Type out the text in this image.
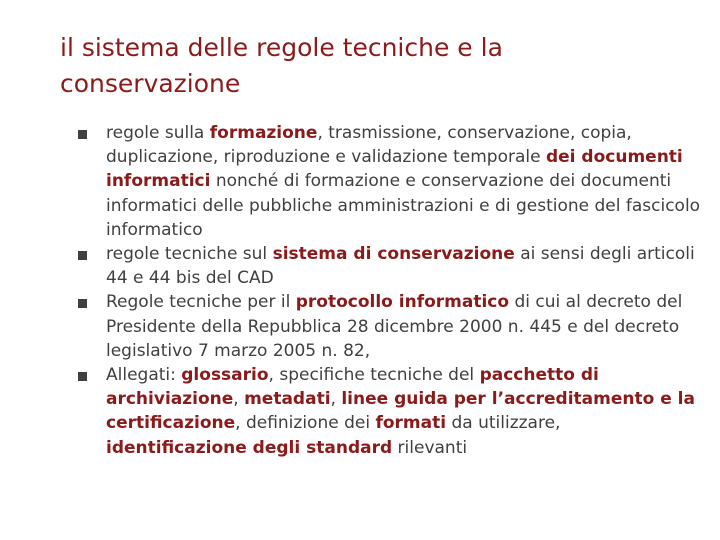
il sistema delle regole tecniche e la conservazione
regole sulla formazione, trasmissione, conservazione, copia, duplicazione, riproduzione e validazione temporale dei documenti informatici nonché di formazione e conservazione dei documenti informatici delle pubbliche amministrazioni e di gestione del fascicolo informatico
regole tecniche sul sistema di conservazione ai sensi degli articoli 44 e 44 bis del CAD
Regole tecniche per il protocollo informatico di cui al decreto del Presidente della Repubblica 28 dicembre 2000 n. 445 e del decreto legislativo 7 marzo 2005 n. 82,
Allegati: glossario, specifiche tecniche del pacchetto di archiviazione, metadati, linee guida per l’accreditamento e la certificazione, definizione dei formati da utilizzare, identificazione degli standard rilevanti
